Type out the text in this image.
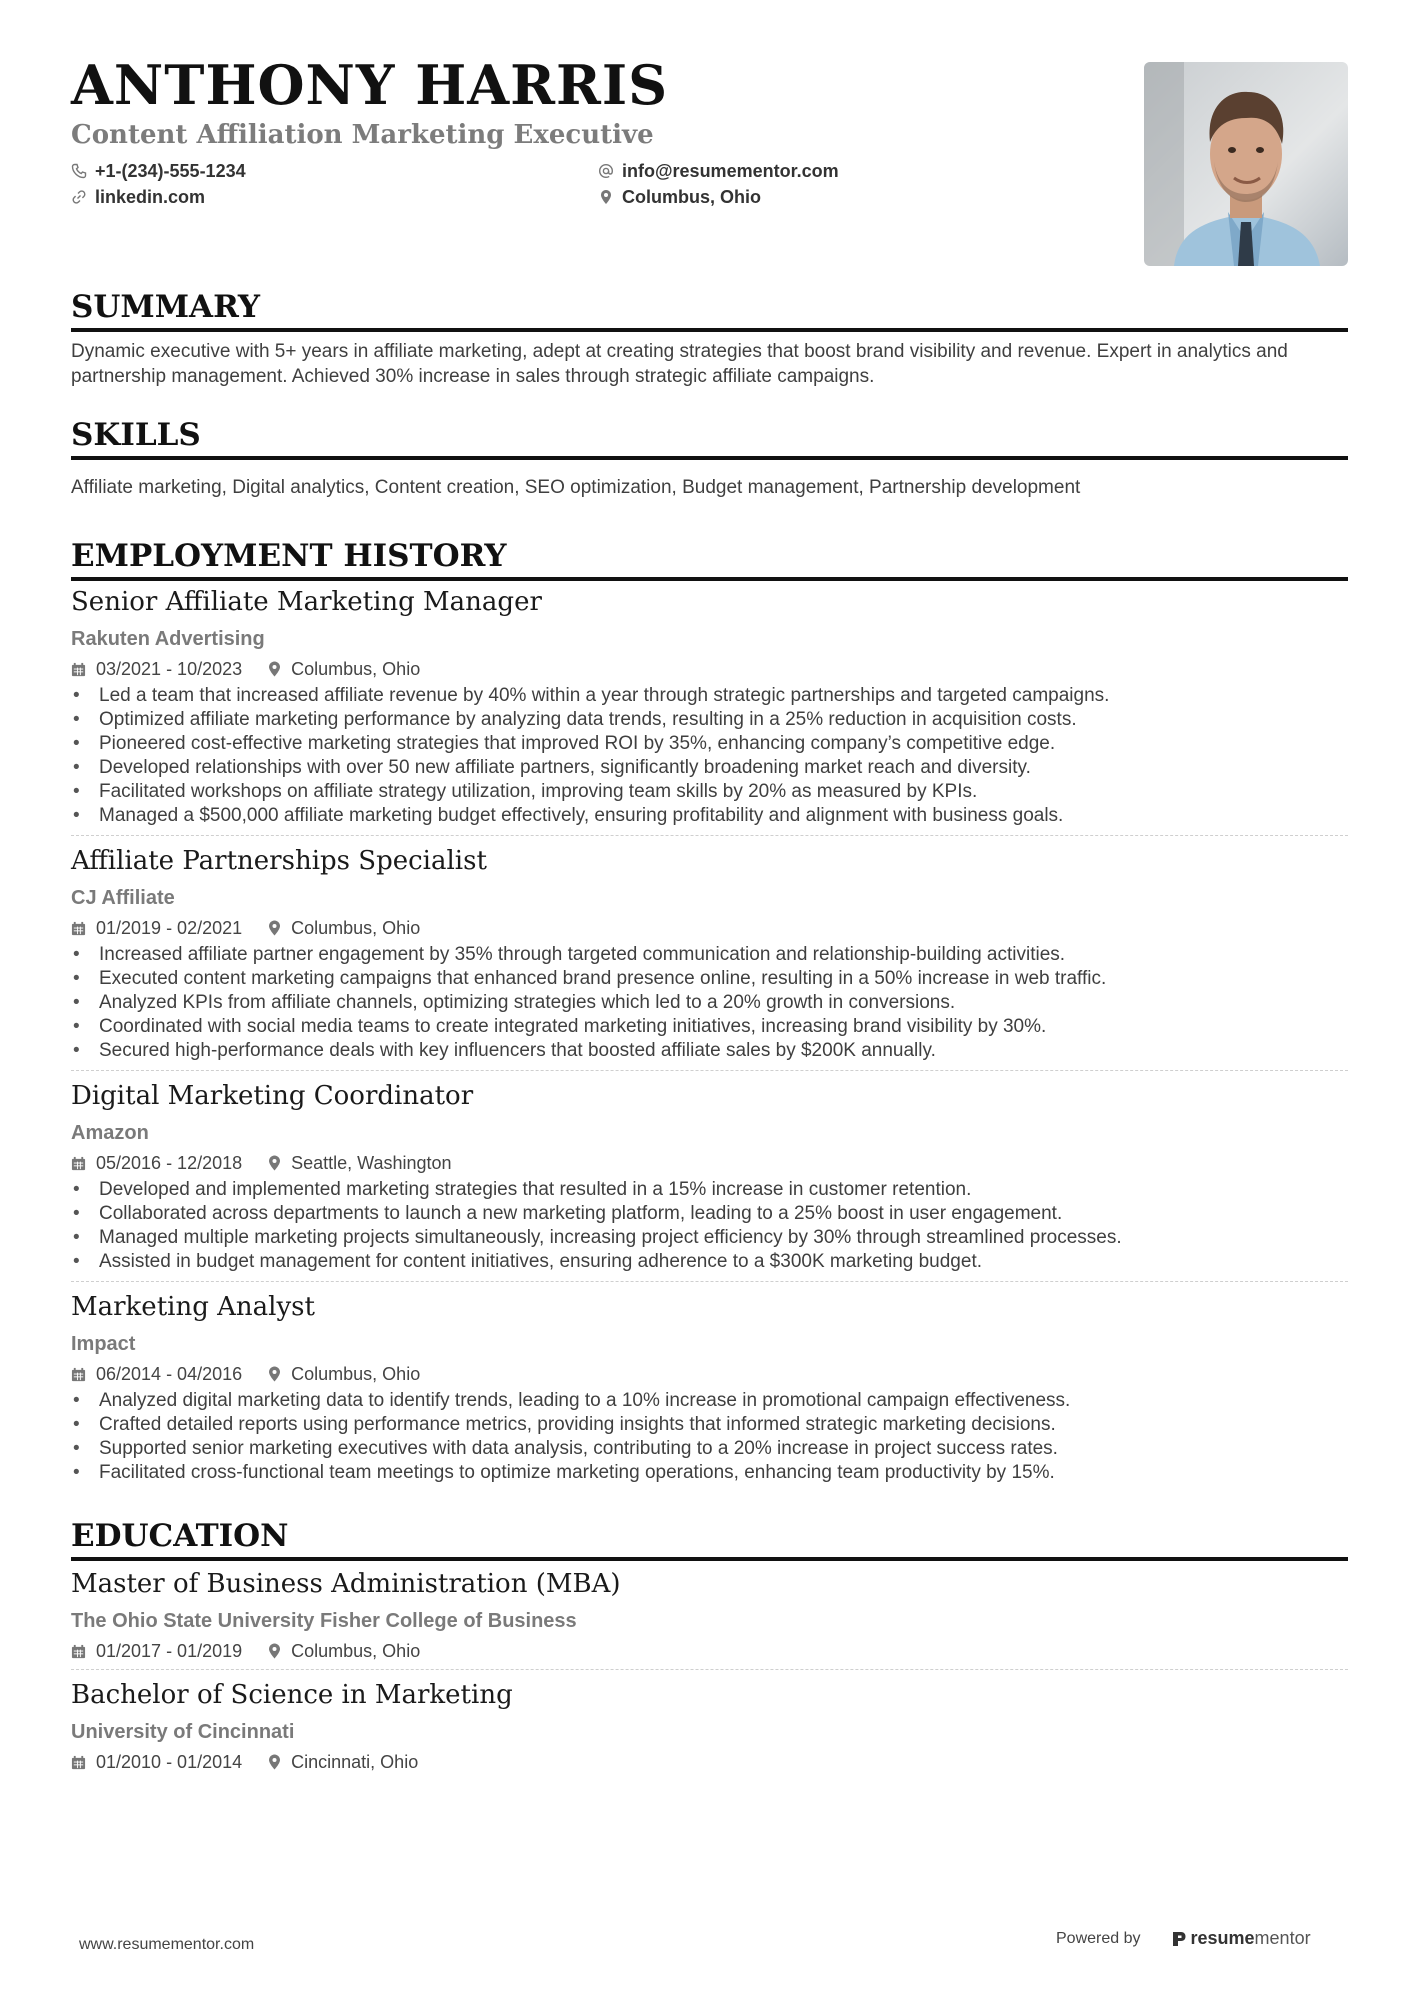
ANTHONY HARRIS
Content Affiliation Marketing Executive
+1-(234)-555-1234
linkedin.com
info@resumementor.com
Columbus, Ohio
SUMMARY
Dynamic executive with 5+ years in affiliate marketing, adept at creating strategies that boost brand visibility and revenue. Expert in analytics and partnership management. Achieved 30% increase in sales through strategic affiliate campaigns.
SKILLS
Affiliate marketing, Digital analytics, Content creation, SEO optimization, Budget management, Partnership development
EMPLOYMENT HISTORY
Senior Affiliate Marketing Manager
Rakuten Advertising
03/2021 - 10/2023	Columbus, Ohio
• Led a team that increased affiliate revenue by 40% within a year through strategic partnerships and targeted campaigns.
• Optimized affiliate marketing performance by analyzing data trends, resulting in a 25% reduction in acquisition costs.
• Pioneered cost-effective marketing strategies that improved ROI by 35%, enhancing company’s competitive edge.
• Developed relationships with over 50 new affiliate partners, significantly broadening market reach and diversity.
• Facilitated workshops on affiliate strategy utilization, improving team skills by 20% as measured by KPIs.
• Managed a $500,000 affiliate marketing budget effectively, ensuring profitability and alignment with business goals.
Affiliate Partnerships Specialist
CJ Affiliate
01/2019 - 02/2021	Columbus, Ohio
• Increased affiliate partner engagement by 35% through targeted communication and relationship-building activities.
• Executed content marketing campaigns that enhanced brand presence online, resulting in a 50% increase in web traffic.
• Analyzed KPIs from affiliate channels, optimizing strategies which led to a 20% growth in conversions.
• Coordinated with social media teams to create integrated marketing initiatives, increasing brand visibility by 30%.
• Secured high-performance deals with key influencers that boosted affiliate sales by $200K annually.
Digital Marketing Coordinator
Amazon
05/2016 - 12/2018	Seattle, Washington
• Developed and implemented marketing strategies that resulted in a 15% increase in customer retention.
• Collaborated across departments to launch a new marketing platform, leading to a 25% boost in user engagement.
• Managed multiple marketing projects simultaneously, increasing project efficiency by 30% through streamlined processes.
• Assisted in budget management for content initiatives, ensuring adherence to a $300K marketing budget.
Marketing Analyst
Impact
06/2014 - 04/2016	Columbus, Ohio
• Analyzed digital marketing data to identify trends, leading to a 10% increase in promotional campaign effectiveness.
• Crafted detailed reports using performance metrics, providing insights that informed strategic marketing decisions.
• Supported senior marketing executives with data analysis, contributing to a 20% increase in project success rates.
• Facilitated cross-functional team meetings to optimize marketing operations, enhancing team productivity by 15%.
EDUCATION
Master of Business Administration (MBA)
The Ohio State University Fisher College of Business
01/2017 - 01/2019	Columbus, Ohio
Bachelor of Science in Marketing
University of Cincinnati
01/2010 - 01/2014	Cincinnati, Ohio
www.resumementor.com	Powered by	resume mentor
